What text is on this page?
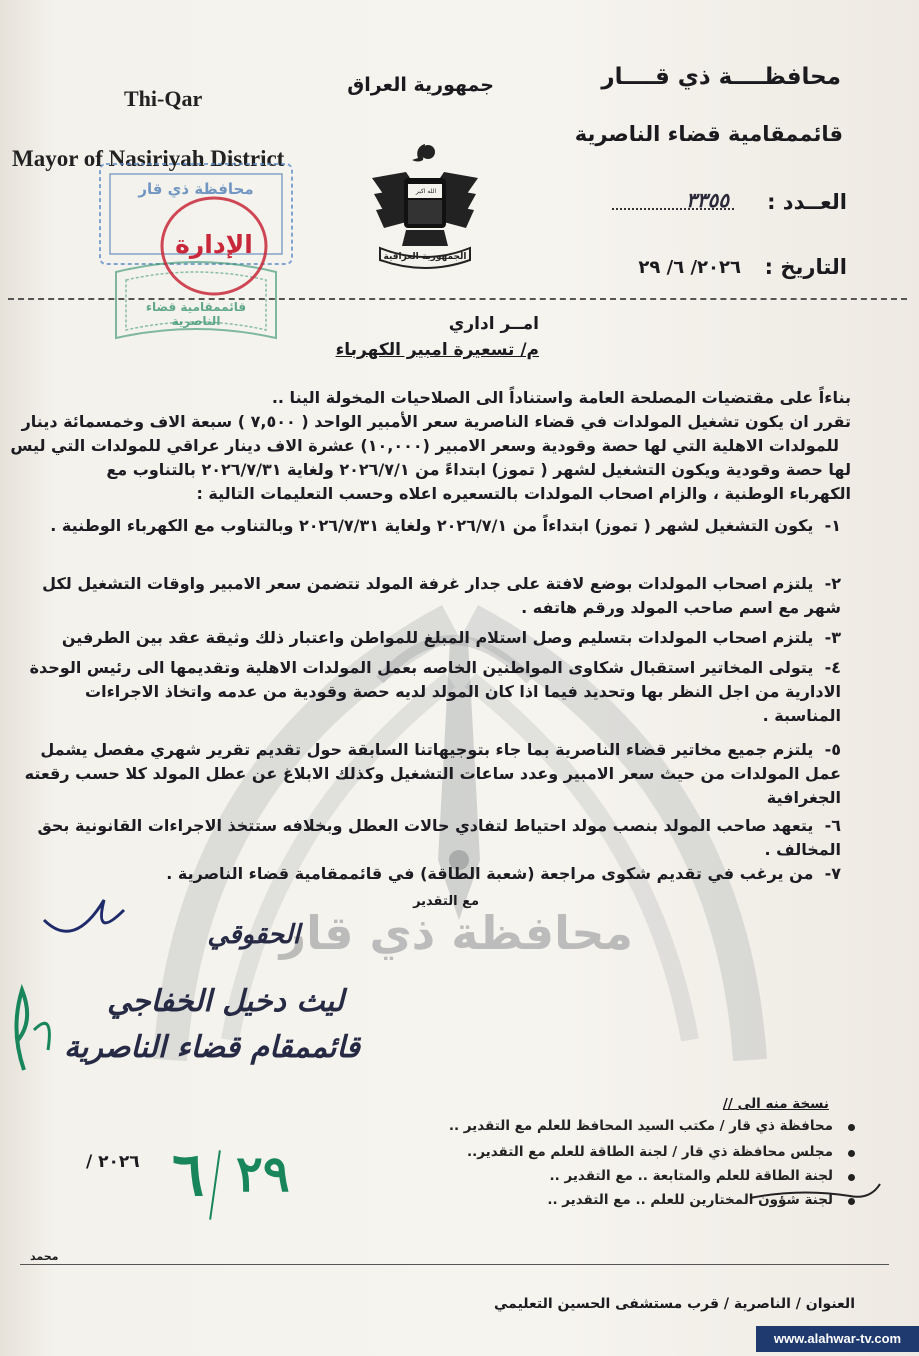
Thi-Qar
Mayor of Nasiriyah District
جمهورية العراق
الله اكبر
الجمهورية العراقية
محافظــــة ذي قــــار
قائممقامية قضاء الناصرية
العــدد :
٣٣٥٥
التاريخ :
٢٠٢٦/ ٦/ ٢٩
محافظة ذي قار
الإدارة
قائممقامية قضاء الناصرية	امــر اداري
م/ تسعيرة امبير الكهرباء
بناءاً على مقتضيات المصلحة العامة واستناداً الى الصلاحيات المخولة الينا ..
تقرر ان يكون تشغيل المولدات في قضاء الناصرية سعر الأمبير الواحد ( ٧,٥٠٠ ) سبعة الاف وخمسمائة دينار
للمولدات الاهلية التي لها حصة وقودية وسعر الامبير (١٠,٠٠٠) عشرة الاف دينار عراقي للمولدات التي ليس
لها حصة وقودية ويكون التشغيل لشهر ( تموز) ابتداءً من ٢٠٢٦/٧/١ ولغاية ٢٠٢٦/٧/٣١ بالتناوب مع
الكهرباء الوطنية ، والزام اصحاب المولدات بالتسعيره اعلاه وحسب التعليمات التالية :
١- يكون التشغيل لشهر ( تموز) ابتداءاً من ٢٠٢٦/٧/١ ولغاية ٢٠٢٦/٧/٣١ وبالتناوب مع الكهرباء الوطنية .
٢- يلتزم اصحاب المولدات بوضع لافتة على جدار غرفة المولد تتضمن سعر الامبير واوقات التشغيل لكل شهر مع اسم صاحب المولد ورقم هاتفه .
٣- يلتزم اصحاب المولدات بتسليم وصل استلام المبلغ للمواطن واعتبار ذلك وثيقة عقد بين الطرفين
٤- يتولى المخاتير استقبال شكاوى المواطنين الخاصه بعمل المولدات الاهلية وتقديمها الى رئيس الوحدة الادارية من اجل النظر بها وتحديد فيما اذا كان المولد لديه حصة وقودية من عدمه واتخاذ الاجراءات المناسبة .
٥- يلتزم جميع مخاتير قضاء الناصرية بما جاء بتوجيهاتنا السابقة حول تقديم تقرير شهري مفصل يشمل عمل المولدات من حيث سعر الامبير وعدد ساعات التشغيل وكذلك الابلاغ عن عطل المولد كلا حسب رقعته الجغرافية
٦- يتعهد صاحب المولد بنصب مولد احتياط لتفادي حالات العطل وبخلافه ستتخذ الاجراءات القانونية بحق المخالف .
٧- من يرغب في تقديم شكوى مراجعة (شعبة الطاقة) في قائممقامية قضاء الناصرية .
مع التقدير
محافظة ذي قار
الحقوقي
ليث دخيل الخفاجي
قائممقام قضاء الناصرية
نسخة منه الى //
محافظة ذي قار / مكتب السيد المحافظ للعلم مع التقدير ..
مجلس محافظة ذي قار / لجنة الطاقة للعلم مع التقدير..
لجنة الطاقة للعلم والمتابعة .. مع التقدير ..
لجنة شؤون المختارين للعلم .. مع التقدير ..
٢٠٢٦ / ٦ ٢٩
محمد
العنوان / الناصرية / قرب مستشفى الحسين التعليمي
www.alahwar-tv.com
